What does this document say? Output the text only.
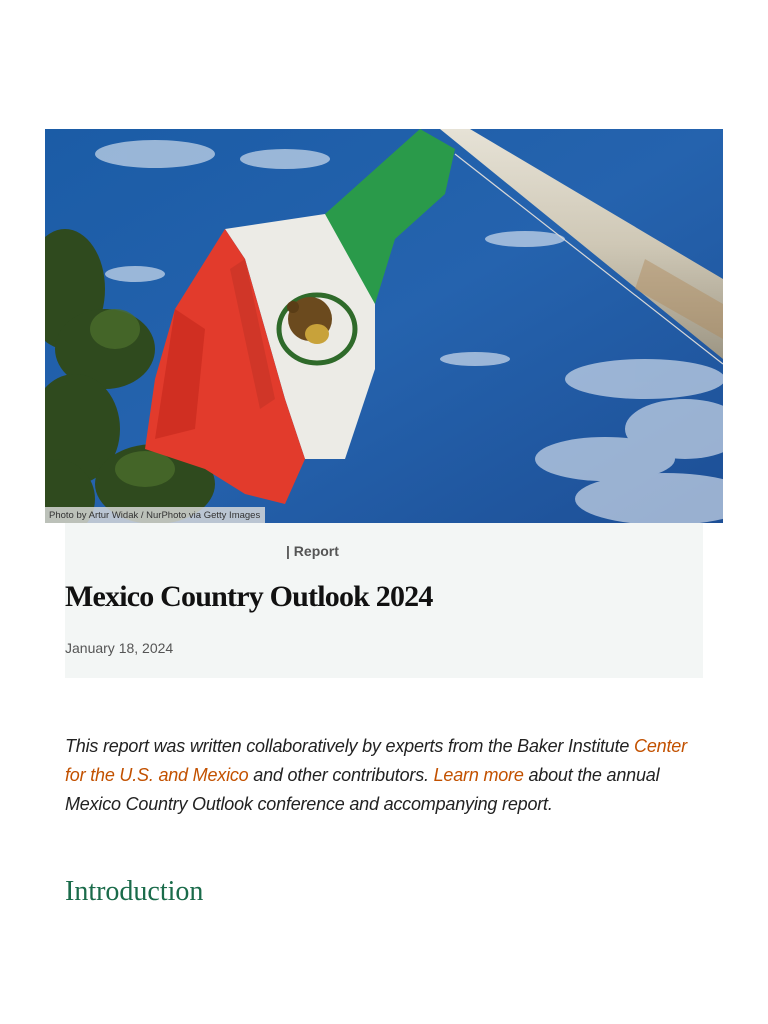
Photo by Artur Widak / NurPhoto via Getty Images
| Report
Mexico Country Outlook 2024
January 18, 2024

This report was written collaboratively by experts from the Baker Institute Center for the U.S. and Mexico and other contributors. Learn more about the annual Mexico Country Outlook conference and accompanying report.

Introduction
